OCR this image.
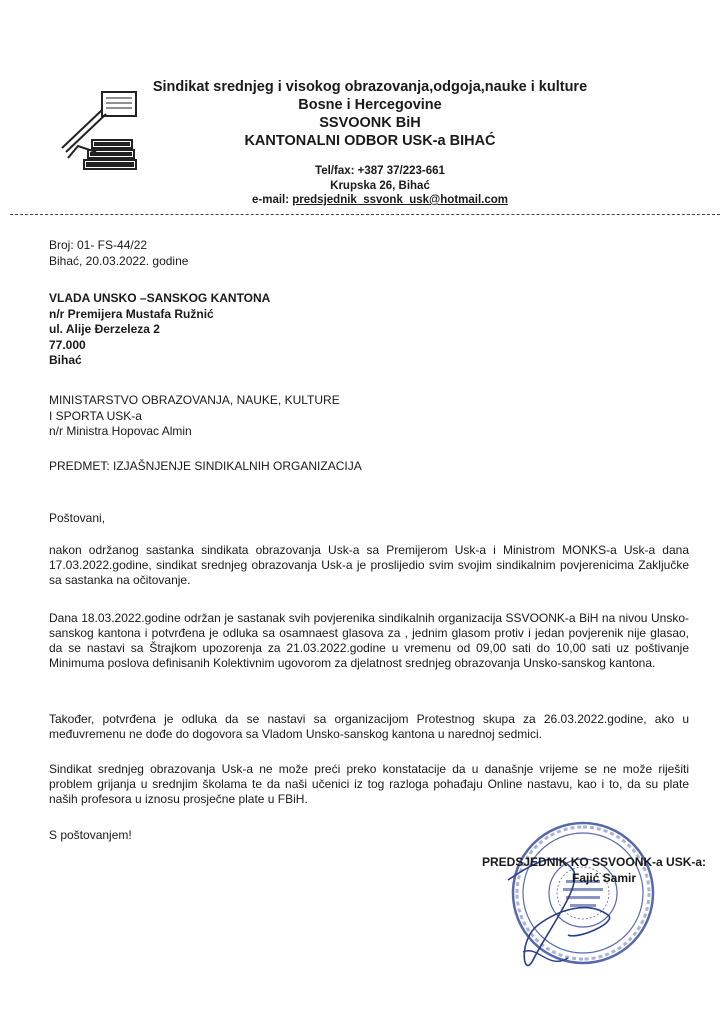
Sindikat srednjeg i visokog obrazovanja,odgoja,nauke i kulture
Bosne i Hercegovine
SSVOONK BiH
KANTONALNI ODBOR USK-a BIHAĆ
Tel/fax: +387 37/223-661
Krupska 26, Bihać
e-mail: predsjednik_ssvonk_usk@hotmail.com
Broj: 01- FS-44/22
Bihać, 20.03.2022. godine
VLADA UNSKO –SANSKOG KANTONA
n/r Premijera Mustafa Ružnić
ul. Alije Đerzeleza 2
77.000
Bihać
MINISTARSTVO OBRAZOVANJA, NAUKE, KULTURE
I SPORTA USK-a
n/r Ministra Hopovac Almin
PREDMET: IZJAŠNJENJE SINDIKALNIH ORGANIZACIJA
Poštovani,
nakon održanog sastanka sindikata obrazovanja Usk-a sa Premijerom Usk-a i Ministrom MONKS-a Usk-a dana 17.03.2022.godine, sindikat srednjeg obrazovanja Usk-a je proslijedio svim svojim sindikalnim povjerenicima Zaključke sa sastanka na očitovanje.
Dana 18.03.2022.godine održan je sastanak svih povjerenika sindikalnih organizacija SSVOONK-a BiH na nivou Unsko-sanskog kantona i potvrđena je odluka sa osamnaest glasova za , jednim glasom protiv i jedan povjerenik nije glasao, da se nastavi sa Štrajkom upozorenja za 21.03.2022.godine u vremenu od 09,00 sati do 10,00 sati uz poštivanje Minimuma poslova definisanih Kolektivnim ugovorom za djelatnost srednjeg obrazovanja Unsko-sanskog kantona.
Također, potvrđena je odluka da se nastavi sa organizacijom Protestnog skupa za 26.03.2022.godine, ako u međuvremenu ne dođe do dogovora sa Vladom Unsko-sanskog kantona u narednoj sedmici.
Sindikat srednjeg obrazovanja Usk-a ne može preći preko konstatacije da u današnje vrijeme se ne može riješiti problem grijanja u srednjim školama te da naši učenici iz tog razloga pohađaju Online nastavu, kao i to, da su plate naših profesora u iznosu prosječne plate u FBiH.
S poštovanjem!
PREDSJEDNIK KO SSVOONK-a USK-a:
Fajić Samir
